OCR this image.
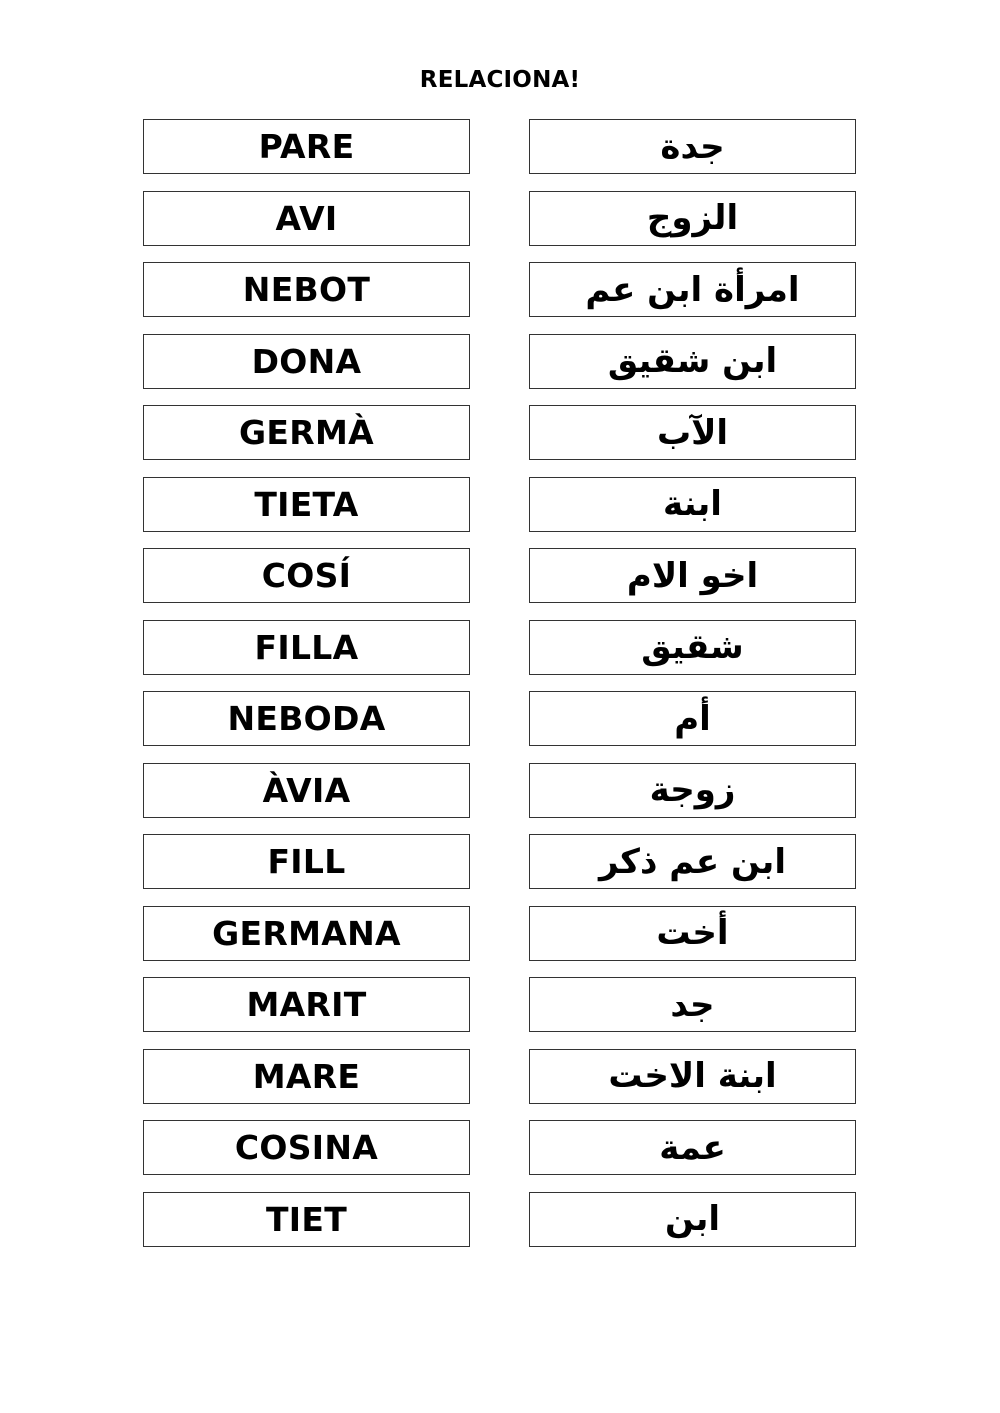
RELACIONA!
PARE	جدة
AVI	الزوج
NEBOT	امرأة ابن عم
DONA	ابن شقيق
GERMÀ	الآب
TIETA	ابنة
COSÍ	اخو الام
FILLA	شقيق
NEBODA	أم
ÀVIA	زوجة
FILL	ابن عم ذكر
GERMANA	أخت
MARIT	جد
MARE	ابنة الاخت
COSINA	عمة
TIET	ابن
